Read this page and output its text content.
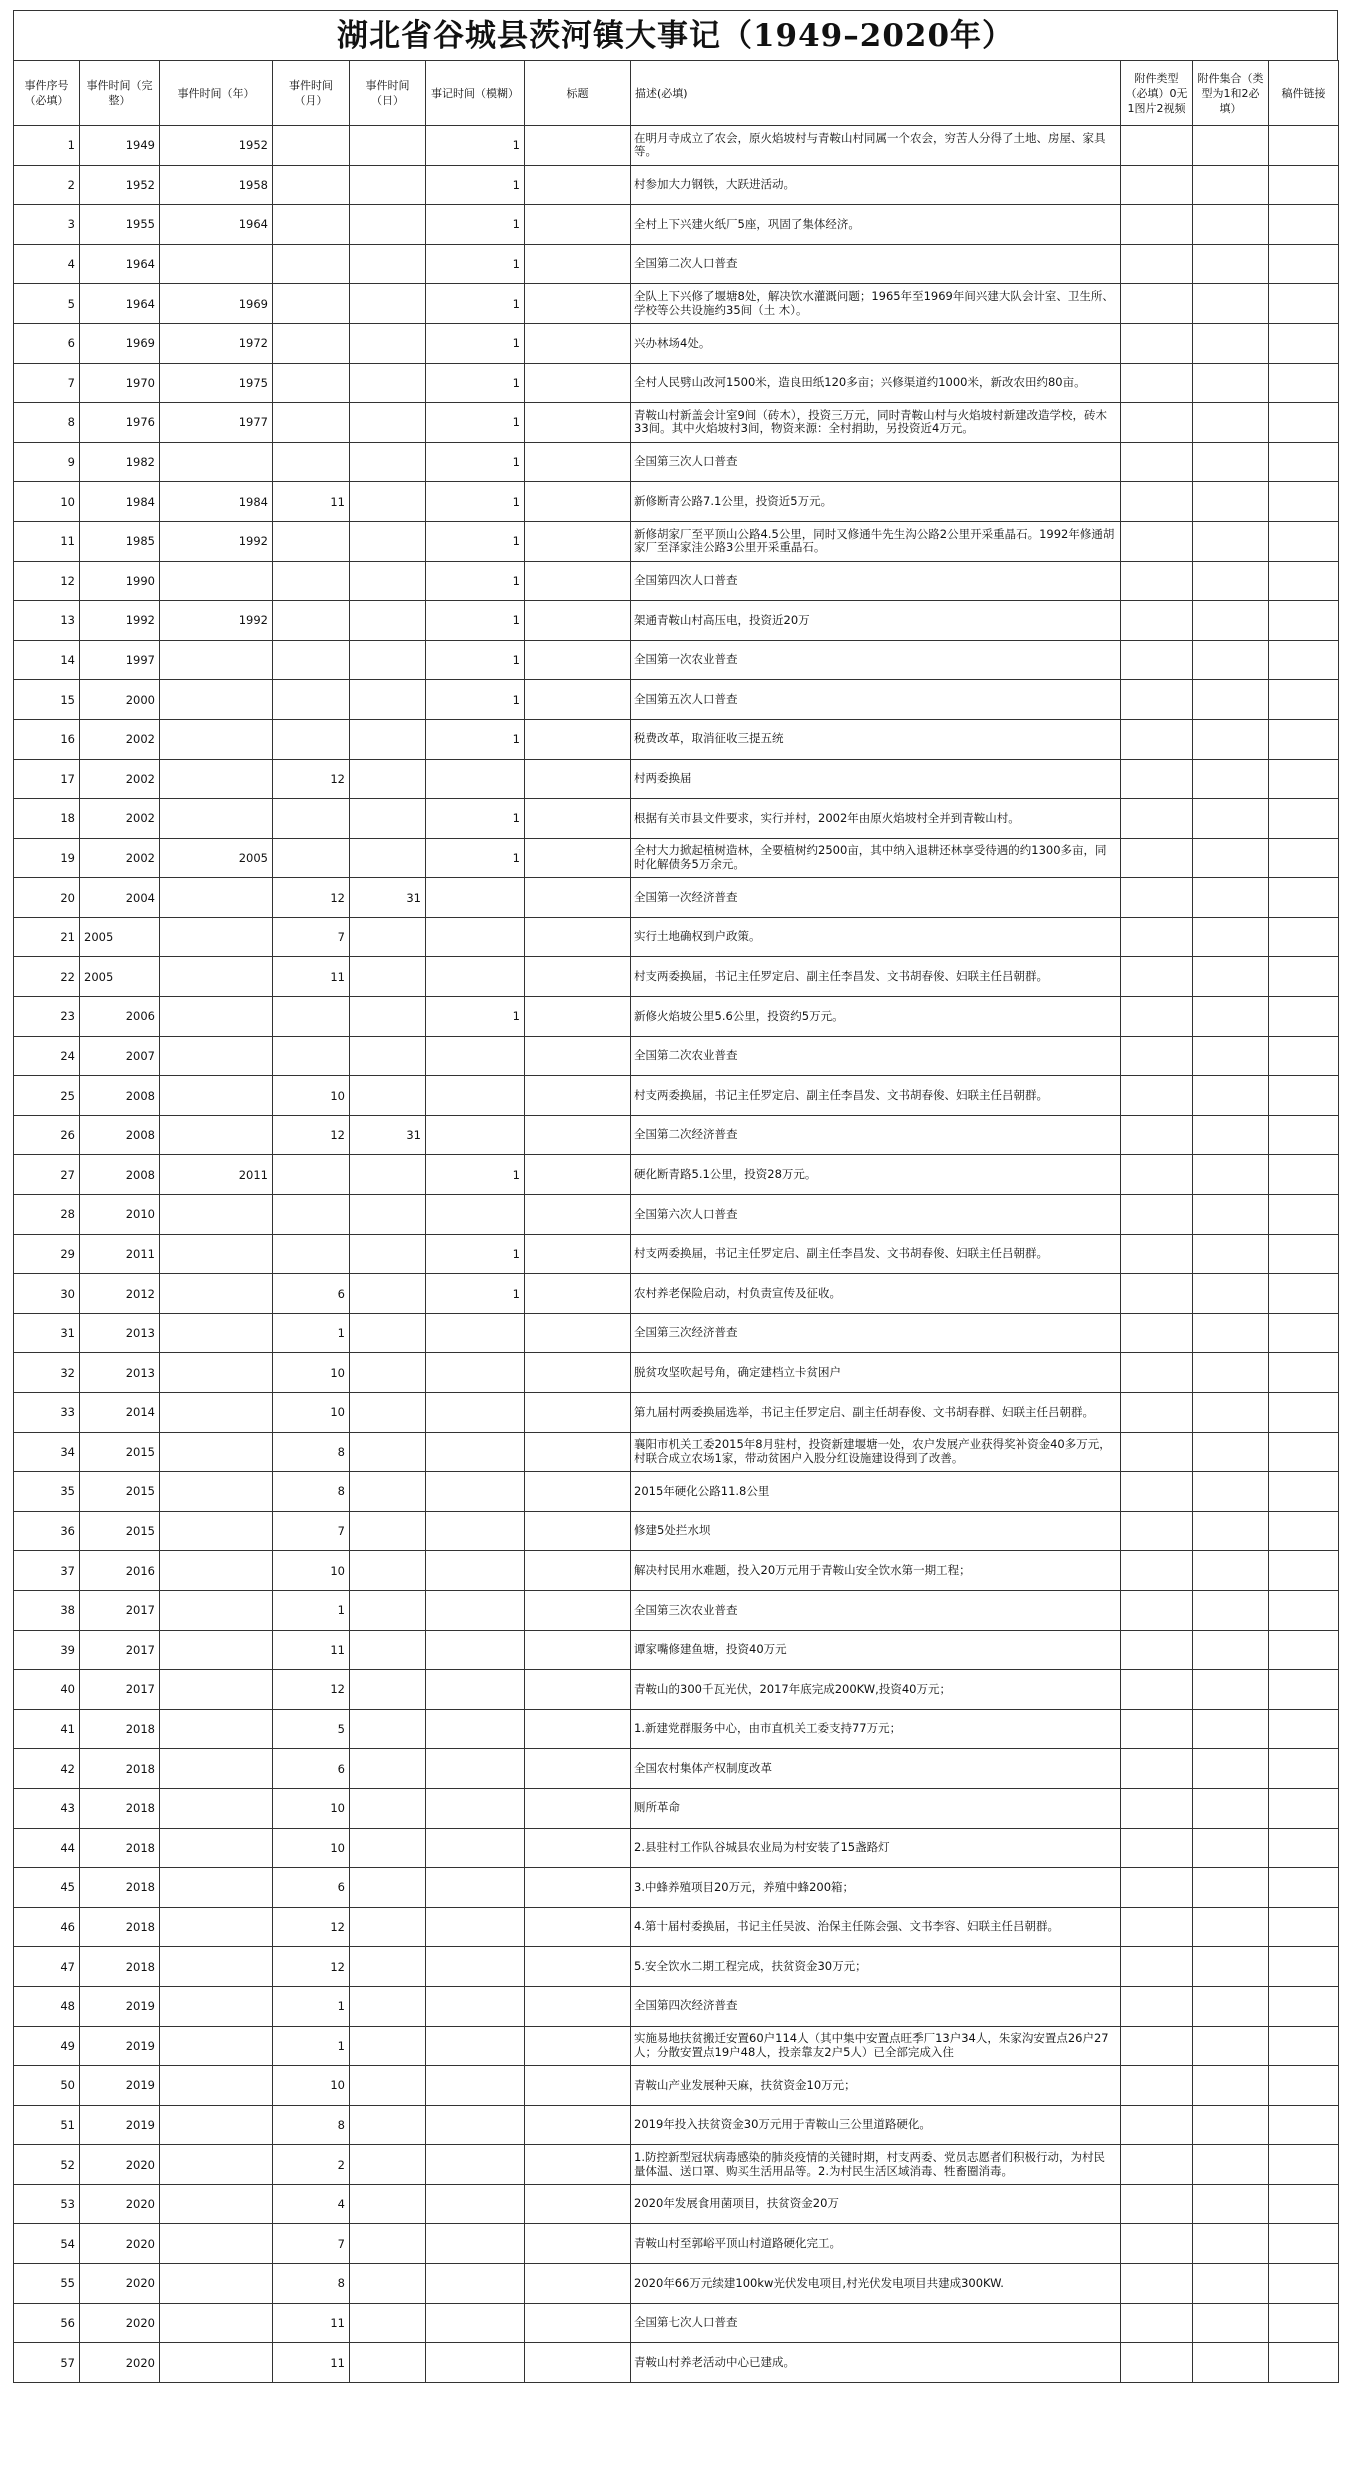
湖北省谷城县茨河镇大事记（1949–2020年）
事件序号（必填）	事件时间（完整）	事件时间（年）	事件时间（月）	事件时间（日）	事记时间（模糊）	标题	描述(必填)	附件类型（必填）0无1图片2视频	附件集合（类型为1和2必填）	稿件链接
1	1949	1952			1		在明月寺成立了农会，原火焰坡村与青鞍山村同属一个农会，穷苦人分得了土地、房屋、家具等。			
2	1952	1958			1		村参加大力钢铁，大跃进活动。			
3	1955	1964			1		全村上下兴建火纸厂5座，巩固了集体经济。			
4	1964				1		全国第二次人口普查			
5	1964	1969			1		全队上下兴修了堰塘8处，解决饮水灌溉问题；1965年至1969年间兴建大队会计室、卫生所、学校等公共设施约35间（土 木）。			
6	1969	1972			1		兴办林场4处。			
7	1970	1975			1		全村人民劈山改河1500米，造良田纸120多亩；兴修渠道约1000米，新改农田约80亩。			
8	1976	1977			1		青鞍山村新盖会计室9间（砖木），投资三万元，同时青鞍山村与火焰坡村新建改造学校，砖木33间。其中火焰坡村3间，物资来源：全村捐助，另投资近4万元。			
9	1982				1		全国第三次人口普查			
10	1984	1984	11		1		新修断青公路7.1公里，投资近5万元。			
11	1985	1992			1		新修胡家厂至平顶山公路4.5公里，同时又修通牛先生沟公路2公里开采重晶石。1992年修通胡家厂至泽家洼公路3公里开采重晶石。			
12	1990				1		全国第四次人口普查			
13	1992	1992			1		架通青鞍山村高压电，投资近20万			
14	1997				1		全国第一次农业普查			
15	2000				1		全国第五次人口普查			
16	2002				1		税费改革，取消征收三提五统			
17	2002		12				村两委换届			
18	2002				1		根据有关市县文件要求，实行并村，2002年由原火焰坡村全并到青鞍山村。			
19	2002	2005			1		全村大力掀起植树造林，全要植树约2500亩，其中纳入退耕还林享受待遇的约1300多亩，同时化解债务5万余元。			
20	2004		12	31			全国第一次经济普查			
21	2005		7				实行土地确权到户政策。			
22	2005		11				村支两委换届，书记主任罗定启、副主任李昌发、文书胡春俊、妇联主任吕朝群。			
23	2006				1		新修火焰坡公里5.6公里，投资约5万元。			
24	2007						全国第二次农业普查			
25	2008		10				村支两委换届，书记主任罗定启、副主任李昌发、文书胡春俊、妇联主任吕朝群。			
26	2008		12	31			全国第二次经济普查			
27	2008	2011			1		硬化断青路5.1公里，投资28万元。			
28	2010						全国第六次人口普查			
29	2011				1		村支两委换届，书记主任罗定启、副主任李昌发、文书胡春俊、妇联主任吕朝群。			
30	2012		6		1		农村养老保险启动，村负责宣传及征收。			
31	2013		1				全国第三次经济普查			
32	2013		10				脱贫攻坚吹起号角，确定建档立卡贫困户			
33	2014		10				第九届村两委换届选举，书记主任罗定启、副主任胡春俊、文书胡春群、妇联主任吕朝群。			
34	2015		8				襄阳市机关工委2015年8月驻村，投资新建堰塘一处，农户发展产业获得奖补资金40多万元，村联合成立农场1家，带动贫困户入股分红设施建设得到了改善。			
35	2015		8				2015年硬化公路11.8公里			
36	2015		7				修建5处拦水坝			
37	2016		10				解决村民用水难题，投入20万元用于青鞍山安全饮水第一期工程；			
38	2017		1				全国第三次农业普查			
39	2017		11				谭家嘴修建鱼塘，投资40万元			
40	2017		12				青鞍山的300千瓦光伏，2017年底完成200KW,投资40万元；			
41	2018		5				1.新建党群服务中心，由市直机关工委支持77万元；			
42	2018		6				全国农村集体产权制度改革			
43	2018		10				厕所革命			
44	2018		10				2.县驻村工作队谷城县农业局为村安装了15盏路灯			
45	2018		6				3.中蜂养殖项目20万元，养殖中蜂200箱；			
46	2018		12				4.第十届村委换届，书记主任吴波、治保主任陈会强、文书李容、妇联主任吕朝群。			
47	2018		12				5.安全饮水二期工程完成，扶贫资金30万元；			
48	2019		1				全国第四次经济普查			
49	2019		1				实施易地扶贫搬迁安置60户114人（其中集中安置点旺季厂13户34人，朱家沟安置点26户27人；分散安置点19户48人，投亲靠友2户5人）已全部完成入住			
50	2019		10				青鞍山产业发展种天麻，扶贫资金10万元；			
51	2019		8				2019年投入扶贫资金30万元用于青鞍山三公里道路硬化。			
52	2020		2				1.防控新型冠状病毒感染的肺炎疫情的关键时期，村支两委、党员志愿者们积极行动，为村民量体温、送口罩、购买生活用品等。2.为村民生活区域消毒、牲畜圈消毒。			
53	2020		4				2020年发展食用菌项目，扶贫资金20万			
54	2020		7				青鞍山村至郭峪平顶山村道路硬化完工。			
55	2020		8				2020年66万元续建100kw光伏发电项目,村光伏发电项目共建成300KW.			
56	2020		11				全国第七次人口普查			
57	2020		11				青鞍山村养老活动中心已建成。			
